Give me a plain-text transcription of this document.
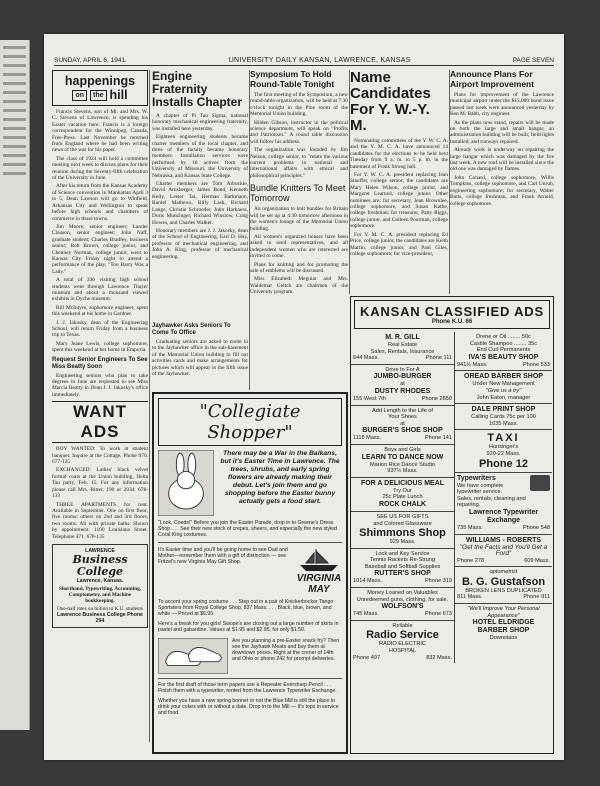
SUNDAY, APRIL 6, 1941.	UNIVERSITY DAILY KANSAN, LAWRENCE, KANSAS	PAGE SEVEN
happenings
on	the hill

Francis Stevens, son of Mr. and Mrs. W. C. Stevens of Lawrence, is spending his Easter vacation here. Francis is a foreign correspondent for the Winnipeg, Canada, Free-Press. Last November he returned from England where he had been writing news of the war for his paper.

The class of 1924 will hold a committee meeting next week to discuss plans for their reunion during the Seventy-fifth celebration of the University in June.

After his return from the Kansas Academy of Science convention in Manhattan April 3 to 5, Dean Lawson will go to Winfield, Arkansas City and Wellington to speak before high schools and chambers of commerce in those towns.

Jim Moore, senior engineer; Lander Clauson, senior engineer; John Naff, graduate student; Charles Bradley, business senior; Bob Brown, college junior, and Chenney Norman, college junior, went to Kansas City Friday night to attend a performance of the play, "Too Barry Was a Lady."

A total of 336 visiting high school students went through Lawrence Thayer museum and about a thousand viewed exhibits in Dyche museum.

Bill McIntyre, sophomore engineer, spent this weekend at his home in Gardner.

J. J. Jakosky, dean of the Engineering School, will return Friday from a business trip to Texas.

Mary Jeane Lewis, college sophomore, spent this weekend at her home in Emporia.

Request Senior Engineers To See Miss Beatty Soon

Engineering seniors who plan to take degrees in June are requested to see Miss Marcia Beatty in Dean J. J. Jakosky's office immediately.

WANT ADS

BOY WANTED: To work at student banquet. Inquire at the Cottage. Phone 970. 677-125

EXCHANGED: Ladies' black velvet formal coats at the Union building, Delta Tau party, Feb. 15. For any information please call Mrs. Ritter, 190 or 2934. 678-133

THREE APARTMENTS for rent. Available in September. One on first floor, five rooms; others on 2nd and 3rd floors, two rooms. All with private baths. Shown by appointment. 1100 Louisiana Street. Telephone 471. 678-135

LAWRENCE
Business College
Lawrence, Kansas.
Shorthand, Typewriting, Accounting, Comptometry, and Machine bookkeeping.
One-half rates on tuition to K.U. students
Lawrence Business College Phone 294
Engine Fraternity Installs Chapter

A chapter of Pi Tau Sigma, national honorary mechanical engineering fraternity, was installed here yesterday.

Eighteen engineering students became charter members of the local chapter, and three of the faculty became honorary members. Installation services were performed by 18 actives from the University of Missouri, the University of Nebraska, and Kansas State College.

Charter members are Tom Arbuckle, David Arnsberger, James Bond, Kenneth Kelly, Lester Tai, Herman Barkmann, Bardel Mathews, Billy Lash, Richard Lange, Christie Schroeder, John Harkness, Doris Munzinger, Richard Winslow, Craig Howes, and Charles Walker.

Honorary members are J. J. Jakosky, dean of the School of Engineering, Earl D. Hay, professor of mechanical engineering, and John A. King, professor of mechanical engineering.

Jayhawker Asks Seniors To Come To Office

Graduating seniors are asked to come in to the Jayhawker office in the sub-basement of the Memorial Union building to fill out activities cards and make arrangements for pictures which will appear in the fifth issue of the Jayhawker.

Symposium To Hold Round-Table Tonight

The first meeting of the Symposium, a new round-table organization, will be held at 7:30 o'clock tonight in the Pine room of the Memorial Union building.

Hilden Gibson, instructor in the political science department, will speak on "Profits and Patriotism." A round table discussion will follow his address.

The organization was founded by Jim Nelson, college senior, to "relate the various current problems in national and international affairs with ethical and philosophical principles."

Bundle Knitters To Meet Tomorrow

An organization to knit bundles for Britain will be set up at 4:30 tomorrow afternoon in the women's lounge of the Memorial Union building.

All women's organized houses have been asked to send representatives, and all independent women who are interested are invited to come.

Plans for knitting and for promoting the sale of emblems will be discussed.

Miss Elizabeth Meguiar and Mrs. Waldemar Geltch are chairmen of the University program.

Name Candidates For Y. W.-Y. M.

Nominating committees of the Y. W. C. A. and the Y. M. C. A. have announced 14 candidates for the elections to be held next Tuesday from 9 a. m. to 5 p. m. in the basement of Frank Strong hall.

For Y. W. C. A. president replacing Jean Stauffer, college senior, the candidates are Mary Helen Wilson, college junior, and Margaret Learned, college junior. Other nominees are: for secretary, Jean Brownlee, college sophomore, and Susan Kathe, college freshman; for treasurer, Patty Riggs, college junior, and Colleen Poorman, college sophomore.

For Y. M. C. A. president replacing Ed Price, college junior, the candidates are Keith Martin, college junior, and Paul Giles, college sophomore; for vice-president,

Announce Plans For Airport Improvement

Plans for improvement of the Lawrence municipal airport under the $15,000 bond issue passed last week were announced yesterday by Ben M. Babb, city engineer.

As the plans now stand, repairs will be made on both the large and small hangar, an administration building will be built; field lights installed; and runways repaired.

Already work is underway on repairing the large hangar which was damaged by the fire last week. A new roof will be installed since the old one was damaged by flames.

John Conard, college sophomore, Willis Tompkins, college sophomore, and Carl Unruh, engineering sophomore; for secretary, Walter Butts, college freshman, and Frank Arnold, college sophomore.

"Collegiate Shopper"
There may be a War in the Balkans, but it's Easter Time in Lawrence. The trees, shrubs, and early spring flowers are already making their debut. Let's join them and go shopping before the Easter bunny actually gets a food start.
"Look, Coeds!" Before you join the Easter Parade, drop in to Greene's Dress Shop . . . See their new stock of crepes, sheers, and especially the new styled Coral King costumes.
It's Easter time and you'll be going home to see Dad and Mother—remember them with a gift of distinction — see Fritzel's new Virginia May Gift Shop.
VIRGINIA MAY
To accent your spring costume . . . Step out in a pair of Knickerbocker Tango Sportsters from Royal College Shop, 837 Mass. . . . Black, blue, brown, and white — Priced at $6.95.
Here's a break for you girls! Swope's are closing out a large number of skirts in pastel and gabardine. Values at $1.95 and $2.95, for only $1.50.
Are you planning a pre-Easter snack fry? Then see the Jayhawk Meats and buy them at downtown prices. Right at the corner of 14th and Ohio or phone 242 for prompt deliveries.
For the first draft of those term papers use a Repeater Eversharp Pencil . . . Finish them with a typewriter, rented from the Lawrence Typewriter Exchange.
Whether you have a new spring bonnet or not the Blue Mill is still the place to drink your cokes with or without a date. Drop in to the Mill — It's tops in service and food.
KANSAN CLASSIFIED ADS
Phone K.U. 66
M. R. GILL
Real Estate
Sales, Rentals, Insurance
644 Mass.	Phone 111
Drive In For A
JUMBO-BURGER
at
DUSTY RHODES
155 West 7th	Phone 2850
Add Length to the Life of
Your Shoes
at
BURGER'S SHOE SHOP
1118 Mass.	Phone 141
Boys and Girls
LEARN TO DANCE NOW
Marion Rice Dance Studio
937½ Mass.
FOR A DELICIOUS MEAL
Try Our
25c Plate Lunch
ROCK CHALK
SEE US FOR GIFTS
and Colored Glassware
Shimmons Shop
929 Mass.
Lock and Key Service
Tennis Rackets Re-Strung
Baseball and Softball Supplies
RUTTER'S SHOP
1014 Mass.	Phone 319
Money Loaned on Valuables
Unredeemed guns, clothing, for sale.
WOLFSON'S
745 Mass.	Phone 673
Reliable
Radio Service
RADIO ELECTRIC
HOSPITAL
Phone 497	832 Mass.
Drene or Oil ........ 50c
Castile Shampoo ........ 35c
End Curl Permanents
IVA'S BEAUTY SHOP
941½ Mass.	Phone 533
OREAD BARBER SHOP
Under New Management
"Give us a try"
John Eaton, manager
DALE PRINT SHOP
Calling Cards 75c per 100
1035 Mass.
TAXI
Hunsinger's
920-22 Mass.
Phone 12
Typewriters
We have complete typewriter service.
Sales, rentals, cleaning and repairing.
Lawrence Typewriter Exchange
735 Mass.	Phone 548
WILLIAMS - ROBERTS
"Get the Facts and You'll Get a Ford"
Phone 278	609 Mass.
optometrist
B. G. Gustafson
BROKEN LENS DUPLICATED
811 Mass.	Phone 911
"We'll Improve Your Personal Appearance"
HOTEL ELDRIDGE
BARBER SHOP
Downstairs
